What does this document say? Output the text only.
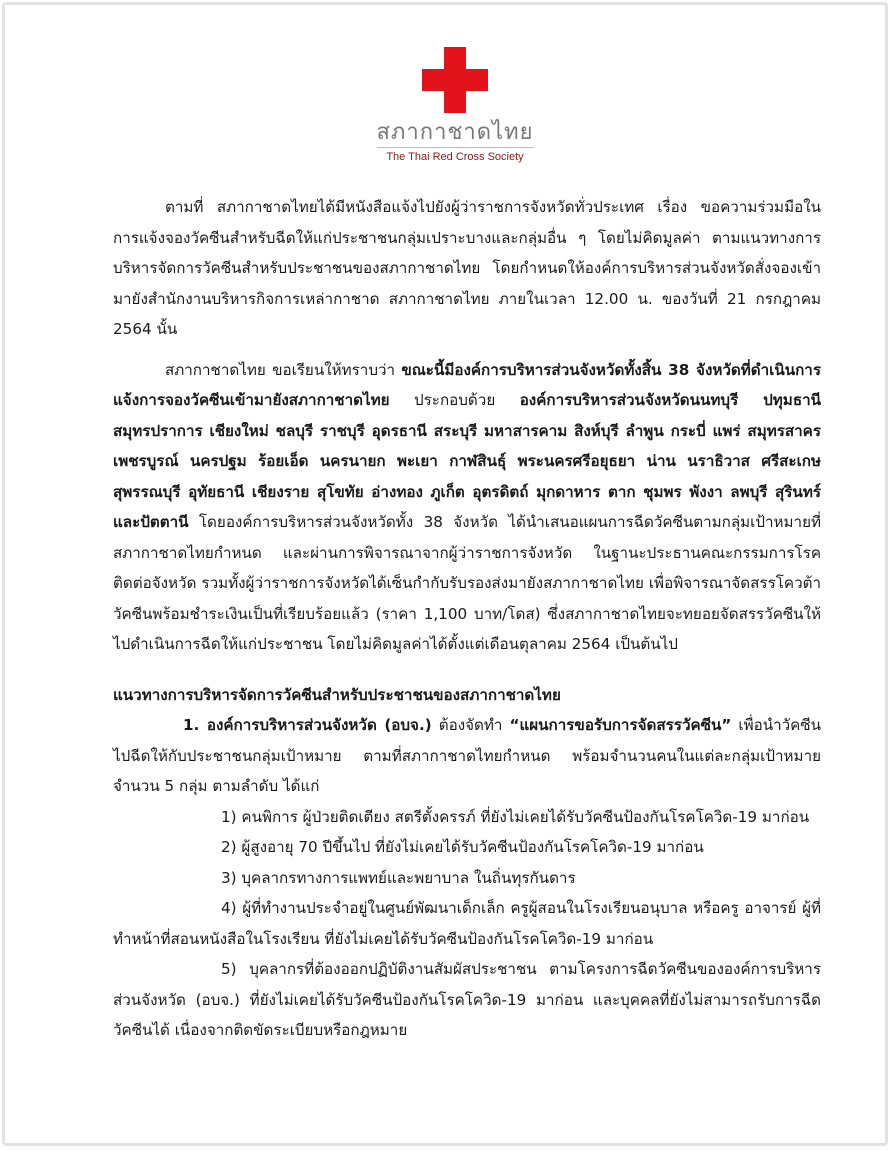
สภากาชาดไทย
The Thai Red Cross Society

ตามที่ สภากาชาดไทยได้มีหนังสือแจ้งไปยังผู้ว่าราชการจังหวัดทั่วประเทศ เรื่อง ขอความร่วมมือในการแจ้งจองวัคซีนสำหรับฉีดให้แก่ประชาชนกลุ่มเปราะบางและกลุ่มอื่น ๆ โดยไม่คิดมูลค่า ตามแนวทางการบริหารจัดการวัคซีนสำหรับประชาชนของสภากาชาดไทย โดยกำหนดให้องค์การบริหารส่วนจังหวัดสั่งจองเข้ามายังสำนักงานบริหารกิจการเหล่ากาชาด สภากาชาดไทย ภายในเวลา 12.00 น. ของวันที่ 21 กรกฎาคม 2564 นั้น

สภากาชาดไทย ขอเรียนให้ทราบว่า ขณะนี้มีองค์การบริหารส่วนจังหวัดทั้งสิ้น 38 จังหวัดที่ดำเนินการแจ้งการจองวัคซีนเข้ามายังสภากาชาดไทย ประกอบด้วย องค์การบริหารส่วนจังหวัดนนทบุรี ปทุมธานี สมุทรปราการ เชียงใหม่ ชลบุรี ราชบุรี อุดรธานี สระบุรี มหาสารคาม สิงห์บุรี ลำพูน กระบี่ แพร่ สมุทรสาคร เพชรบูรณ์ นครปฐม ร้อยเอ็ด นครนายก พะเยา กาฬสินธุ์ พระนครศรีอยุธยา น่าน นราธิวาส ศรีสะเกษ สุพรรณบุรี อุทัยธานี เชียงราย สุโขทัย อ่างทอง ภูเก็ต อุตรดิตถ์ มุกดาหาร ตาก ชุมพร พังงา ลพบุรี สุรินทร์ และปัตตานี โดยองค์การบริหารส่วนจังหวัดทั้ง 38 จังหวัด ได้นำเสนอแผนการฉีดวัคซีนตามกลุ่มเป้าหมายที่สภากาชาดไทยกำหนด และผ่านการพิจารณาจากผู้ว่าราชการจังหวัด ในฐานะประธานคณะกรรมการโรคติดต่อจังหวัด รวมทั้งผู้ว่าราชการจังหวัดได้เซ็นกำกับรับรองส่งมายังสภากาชาดไทย เพื่อพิจารณาจัดสรรโควต้าวัคซีนพร้อมชำระเงินเป็นที่เรียบร้อยแล้ว (ราคา 1,100 บาท/โดส) ซึ่งสภากาชาดไทยจะทยอยจัดสรรวัคซีนให้ไปดำเนินการฉีดให้แก่ประชาชน โดยไม่คิดมูลค่าได้ตั้งแต่เดือนตุลาคม 2564 เป็นต้นไป

แนวทางการบริหารจัดการวัคซีนสำหรับประชาชนของสภากาชาดไทย

1. องค์การบริหารส่วนจังหวัด (อบจ.) ต้องจัดทำ “แผนการขอรับการจัดสรรวัคซีน” เพื่อนำวัคซีนไปฉีดให้กับประชาชนกลุ่มเป้าหมาย ตามที่สภากาชาดไทยกำหนด พร้อมจำนวนคนในแต่ละกลุ่มเป้าหมาย จำนวน 5 กลุ่ม ตามลำดับ ได้แก่

1) คนพิการ ผู้ป่วยติดเตียง สตรีตั้งครรภ์ ที่ยังไม่เคยได้รับวัคซีนป้องกันโรคโควิด-19 มาก่อน

2) ผู้สูงอายุ 70 ปีขึ้นไป ที่ยังไม่เคยได้รับวัคซีนป้องกันโรคโควิด-19 มาก่อน

3) บุคลากรทางการแพทย์และพยาบาล ในถิ่นทุรกันดาร

4) ผู้ที่ทำงานประจำอยู่ในศูนย์พัฒนาเด็กเล็ก ครูผู้สอนในโรงเรียนอนุบาล หรือครู อาจารย์ ผู้ที่ทำหน้าที่สอนหนังสือในโรงเรียน ที่ยังไม่เคยได้รับวัคซีนป้องกันโรคโควิด-19 มาก่อน

5) บุคลากรที่ต้องออกปฏิบัติงานสัมผัสประชาชน ตามโครงการฉีดวัคซีนขององค์การบริหารส่วนจังหวัด (อบจ.) ที่ยังไม่เคยได้รับวัคซีนป้องกันโรคโควิด-19 มาก่อน และบุคคลที่ยังไม่สามารถรับการฉีดวัคซีนได้ เนื่องจากติดขัดระเบียบหรือกฎหมาย
